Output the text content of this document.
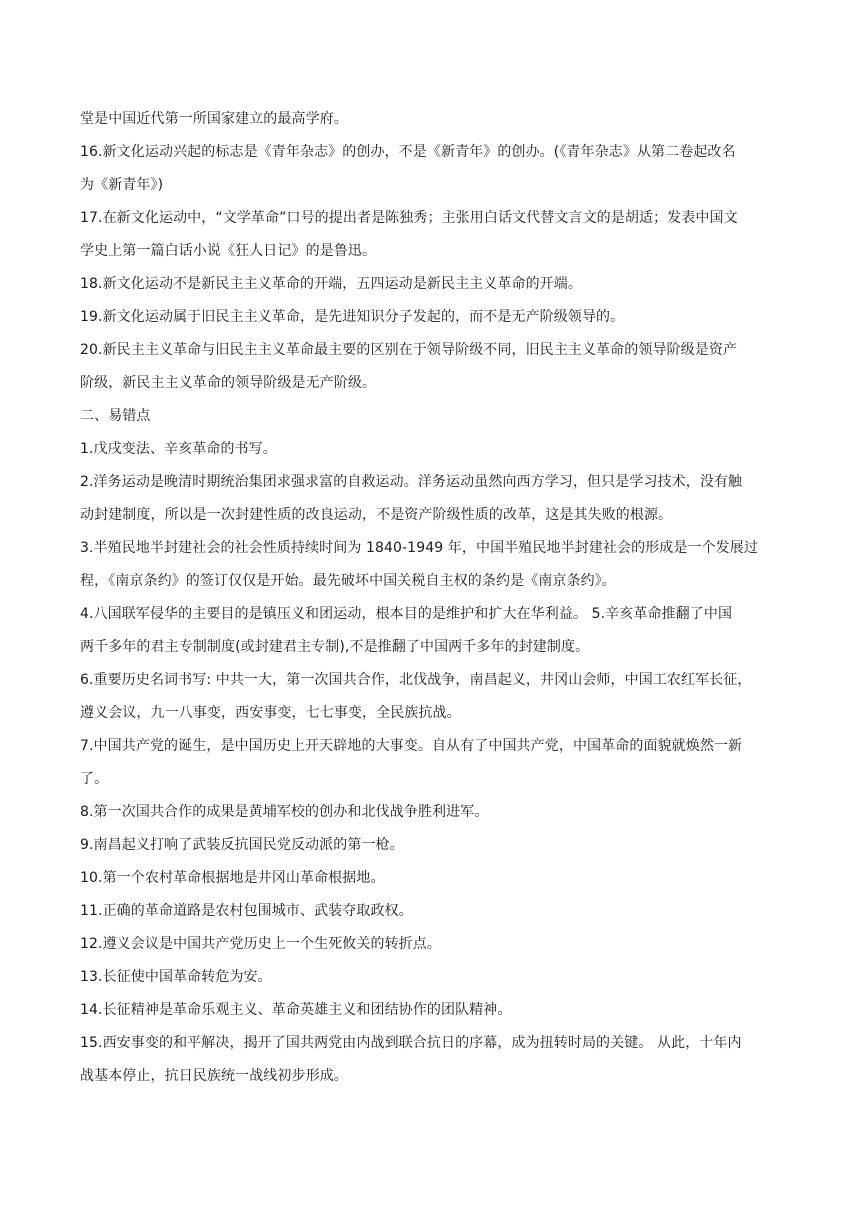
堂是中国近代第一所国家建立的最高学府。
16.新文化运动兴起的标志是《青年杂志》的创办，不是《新青年》的创办。(《青年杂志》从第二卷起改名
为《新青年》)
17.在新文化运动中，“文学革命”口号的提出者是陈独秀；主张用白话文代替文言文的是胡适；发表中国文
学史上第一篇白话小说《狂人日记》的是鲁迅。
18.新文化运动不是新民主主义革命的开端，五四运动是新民主主义革命的开端。
19.新文化运动属于旧民主主义革命，是先进知识分子发起的，而不是无产阶级领导的。
20.新民主主义革命与旧民主主义革命最主要的区别在于领导阶级不同，旧民主主义革命的领导阶级是资产
阶级，新民主主义革命的领导阶级是无产阶级。
二、易错点
1.戊戌变法、辛亥革命的书写。
2.洋务运动是晚清时期统治集团求强求富的自救运动。洋务运动虽然向西方学习，但只是学习技术，没有触
动封建制度，所以是一次封建性质的改良运动，不是资产阶级性质的改革，这是其失败的根源。
3.半殖民地半封建社会的社会性质持续时间为 1840-1949 年，中国半殖民地半封建社会的形成是一个发展过
程，《南京条约》的签订仅仅是开始。最先破坏中国关税自主权的条约是《南京条约》。
4.八国联军侵华的主要目的是镇压义和团运动，根本目的是维护和扩大在华利益。 5.辛亥革命推翻了中国
两千多年的君主专制制度(或封建君主专制),不是推翻了中国两千多年的封建制度。
6.重要历史名词书写: 中共一大，第一次国共合作，北伐战争，南昌起义，井冈山会师，中国工农红军长征，
遵义会议，九一八事变，西安事变，七七事变，全民族抗战。
7.中国共产党的诞生，是中国历史上开天辟地的大事变。自从有了中国共产党，中国革命的面貌就焕然一新
了。
8.第一次国共合作的成果是黄埔军校的创办和北伐战争胜利进军。
9.南昌起义打响了武装反抗国民党反动派的第一枪。
10.第一个农村革命根据地是井冈山革命根据地。
11.正确的革命道路是农村包围城市、武装夺取政权。
12.遵义会议是中国共产党历史上一个生死攸关的转折点。
13.长征使中国革命转危为安。
14.长征精神是革命乐观主义、革命英雄主义和团结协作的团队精神。
15.西安事变的和平解决，揭开了国共两党由内战到联合抗日的序幕，成为扭转时局的关键。 从此，十年内
战基本停止，抗日民族统一战线初步形成。
